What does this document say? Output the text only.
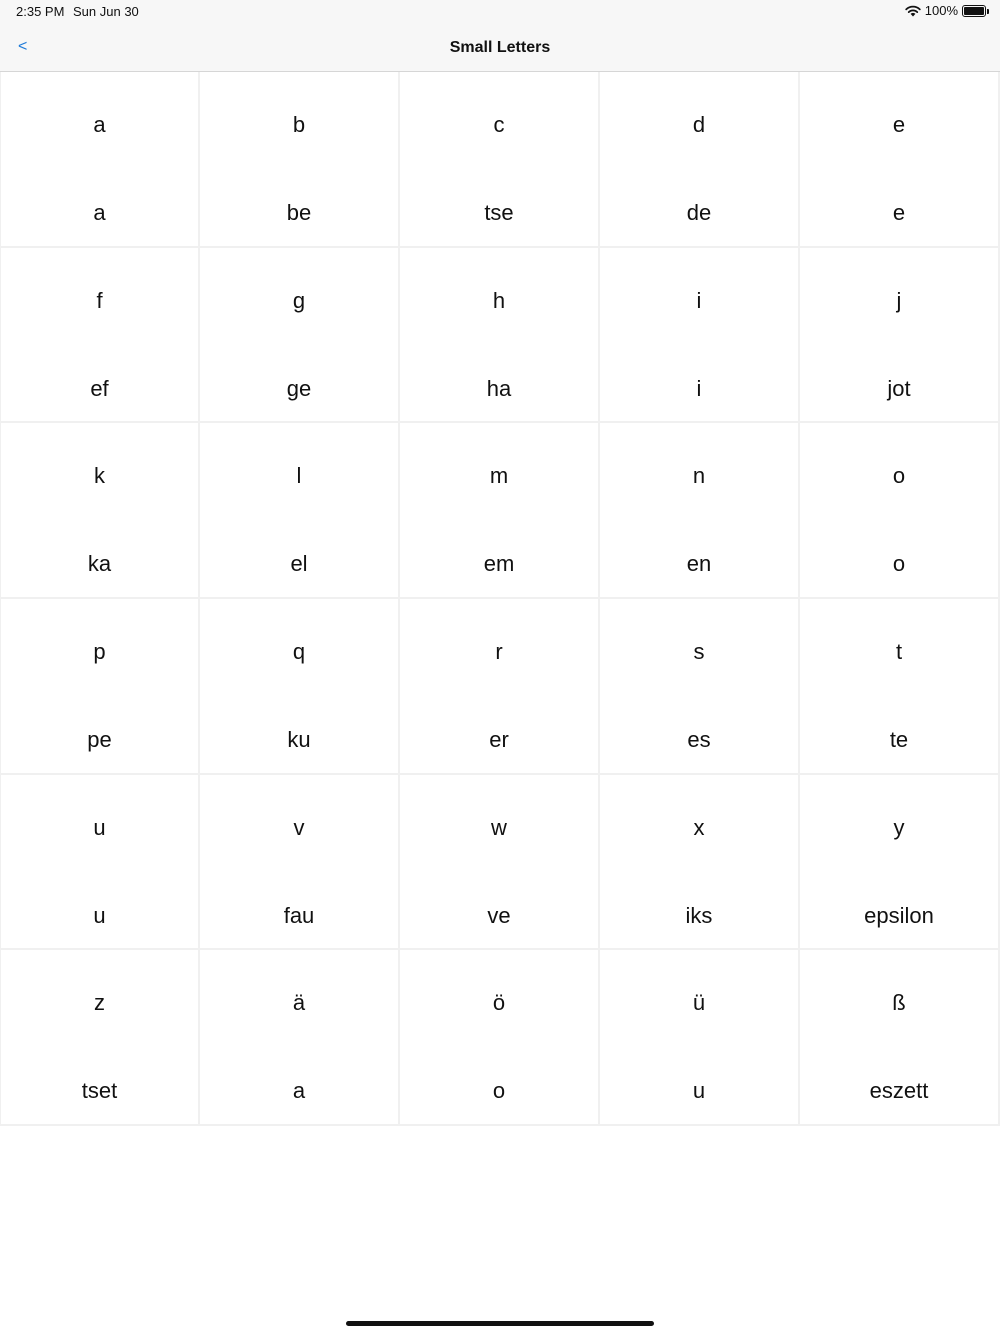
2:35 PM Sun Jun 30	100%
<	Small Letters
a
a
b
be
c
tse
d
de
e
e
f
ef
g
ge
h
ha
i
i
j
jot
k
ka
l
el
m
em
n
en
o
o
p
pe
q
ku
r
er
s
es
t
te
u
u
v
fau
w
ve
x
iks
y
epsilon
z
tset
ä
a
ö
o
ü
u
ß
eszett
